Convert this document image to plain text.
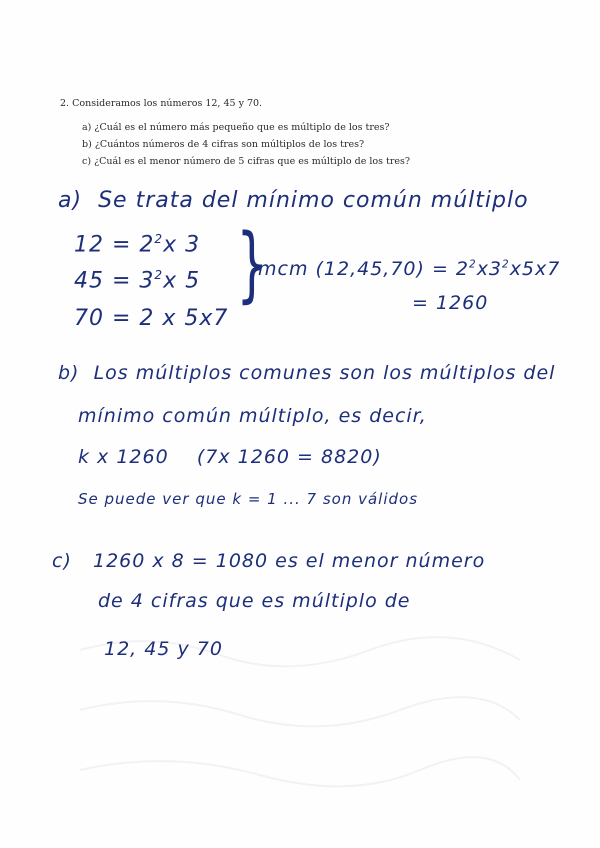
2. Consideramos los números 12, 45 y 70.
a) ¿Cuál es el número más pequeño que es múltiplo de los tres?
b) ¿Cuántos números de 4 cifras son múltiplos de los tres?
c) ¿Cuál es el menor número de 5 cifras que es múltiplo de los tres?
a) Se trata del mínimo común múltiplo
$12 = 2^2x$ 3
$45 = 3^2x$ 5
70 = 2 x 5x7
}
mcm $(12,45,70) = 2^2x3^2x5x7$
= 1260
b) Los múltiplos comunes son los múltiplos del
mínimo común múltiplo, es decir,
k x 1260 (7x 1260 = 8820)
Se puede ver que k = 1 ... 7 son válidos
c) 1260 x 8 = 1080 es el menor número
de 4 cifras que es múltiplo de
12, 45 y 70
